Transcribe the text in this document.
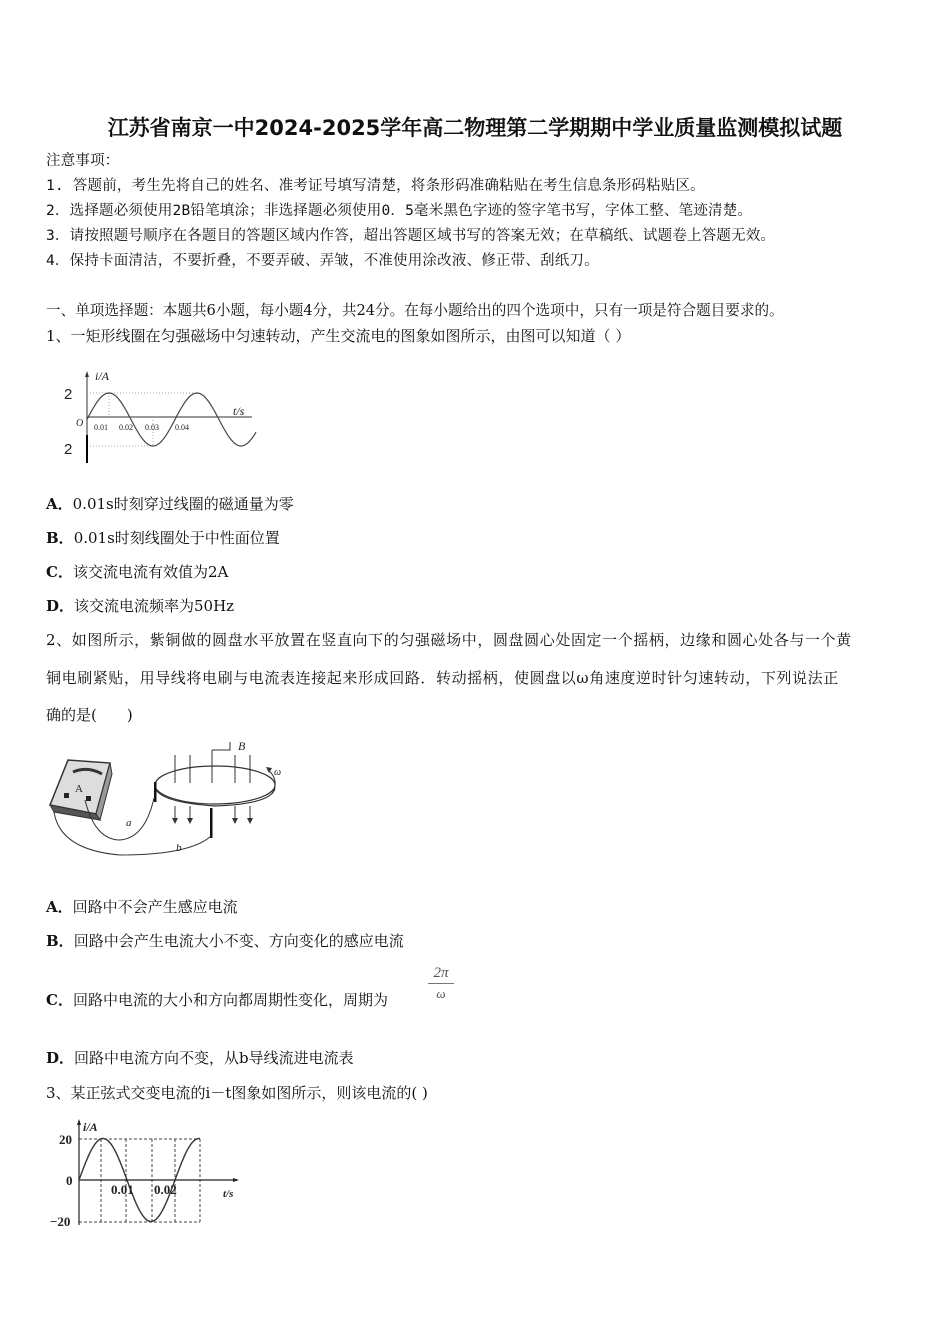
江苏省南京一中2024-2025学年高二物理第二学期期中学业质量监测模拟试题
注意事项：
1. 答题前，考生先将自己的姓名、准考证号填写清楚，将条形码准确粘贴在考生信息条形码粘贴区。
2．选择题必须使用2B铅笔填涂；非选择题必须使用0．5毫米黑色字迹的签字笔书写，字体工整、笔迹清楚。
3．请按照题号顺序在各题目的答题区域内作答，超出答题区域书写的答案无效；在草稿纸、试题卷上答题无效。
4．保持卡面清洁，不要折叠，不要弄破、弄皱，不准使用涂改液、修正带、刮纸刀。
一、单项选择题：本题共6小题，每小题4分，共24分。在每小题给出的四个选项中，只有一项是符合题目要求的。
1、一矩形线圈在匀强磁场中匀速转动，产生交流电的图象如图所示，由图可以知道（ ）
i/A
t/s
O
2
2
0.01 0.02 0.03 0.04
A．0.01s时刻穿过线圈的磁通量为零
B．0.01s时刻线圈处于中性面位置
C．该交流电流有效值为2A
D．该交流电流频率为50Hz
2、如图所示，紫铜做的圆盘水平放置在竖直向下的匀强磁场中，圆盘圆心处固定一个摇柄，边缘和圆心处各与一个黄
铜电刷紧贴，用导线将电刷与电流表连接起来形成回路．转动摇柄，使圆盘以ω角速度逆时针匀速转动，下列说法正
确的是(　　)
A
a
b
B
ω
A．回路中不会产生感应电流
B．回路中会产生电流大小不变、方向变化的感应电流
C．回路中电流的大小和方向都周期性变化，周期为	$\frac{2\pi}{\omega}$
D．回路中电流方向不变，从b导线流进电流表
3、某正弦式交变电流的i－t图象如图所示，则该电流的( )
i/A
t/s
20
0
−20
0.01 0.02
